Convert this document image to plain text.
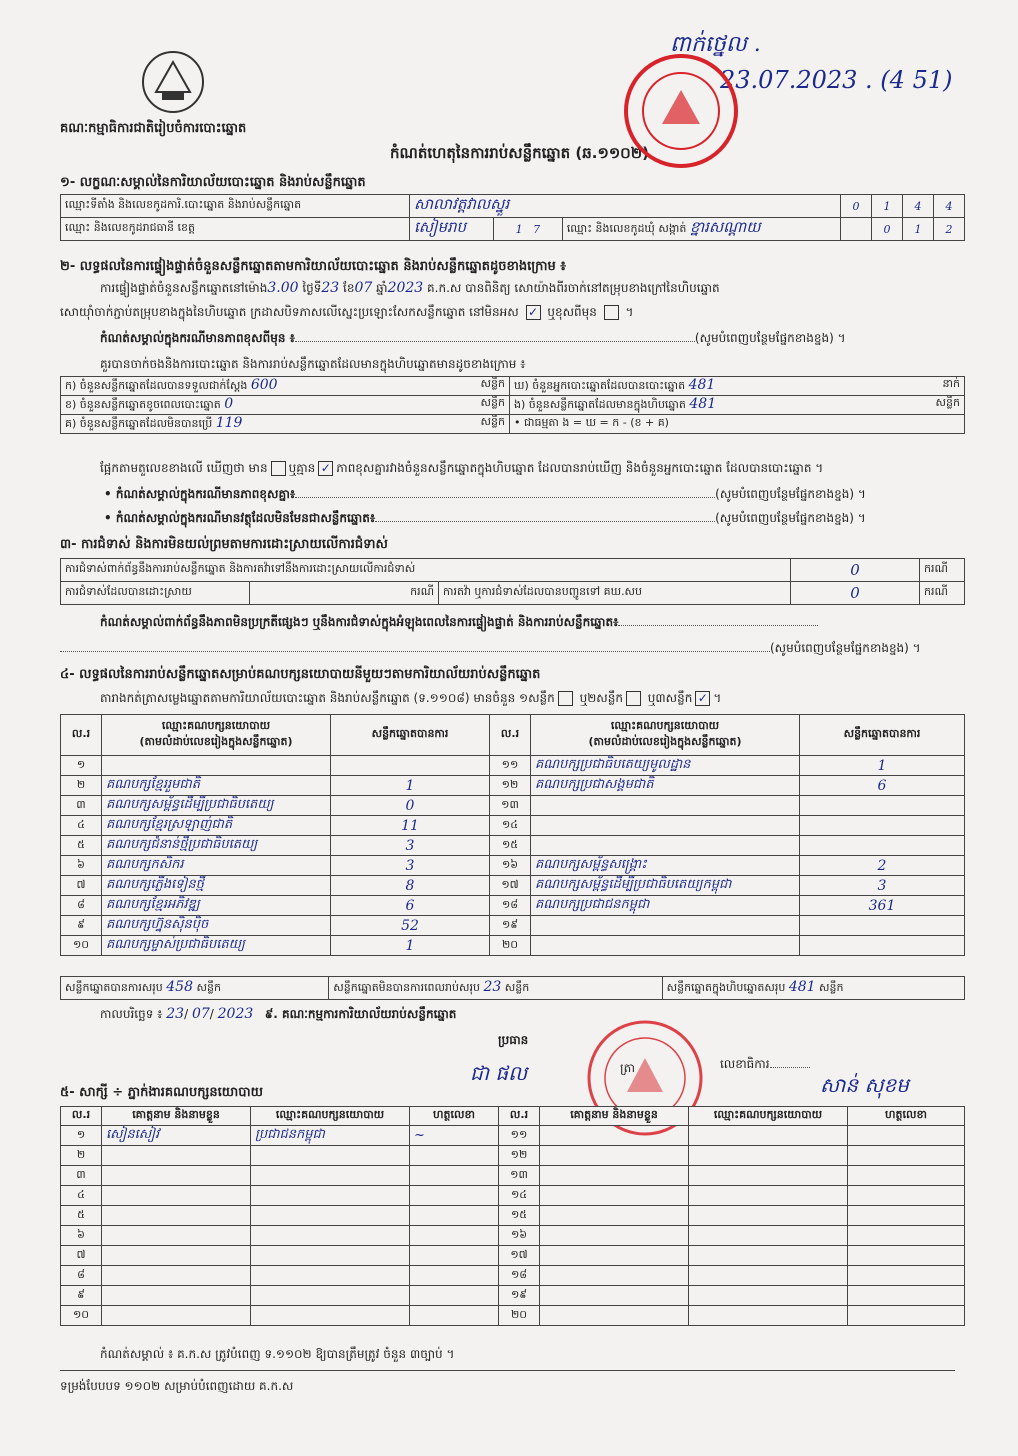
គណៈកម្មាធិការជាតិរៀបចំការបោះឆ្នោត
កំណត់ហេតុនៃការរាប់សន្លឹកឆ្នោត (ឆ.១១០២)
ពាក់ថ្នេល .
23.07.2023 . (4 51)
១- លក្ខណៈសម្គាល់នៃការិយាល័យបោះឆ្នោត និងរាប់សន្លឹកឆ្នោត
ឈ្មោះទីតាំង និងលេខកូដការិ.បោះឆ្នោត និងរាប់សន្លឹកឆ្នោត	សាលាវត្តវាលស្នួរ			0	1	4	4
ឈ្មោះ និងលេខកូដរាជធានី ខេត្ត	សៀមរាប	1 7	ឈ្មោះ និងលេខកូដឃុំ សង្កាត់ ខ្នារសណ្ដាយ		0	1	2
២- លទ្ធផលនៃការផ្ទៀងផ្ទាត់ចំនួនសន្លឹកឆ្នោតតាមការិយាល័យបោះឆ្នោត និងរាប់សន្លឹកឆ្នោតដូចខាងក្រោម ៖
ការផ្ទៀងផ្ទាត់ចំនួនសន្លឹកឆ្នោតនៅម៉ោង3.00 ថ្ងៃទី23 ខែ07 ឆ្នាំ2023 គ.ក.ស បានពិនិត្យ សោយ៉ាងពីរចាក់នៅតម្រុបខាងក្រៅនៃហិបឆ្នោត
សោយ៉ាំចាក់ភ្ជាប់តម្រុបខាងក្នុងនៃហិបឆ្នោត ក្រដាសបិទភាសលើស្នេះប្រឡោះសែកសន្លឹកឆ្នោត នៅមិនអស ✓ ឬខុសពីមុន  ។
កំណត់សម្គាល់ក្នុងករណីមានភាពខុសពីមុន ៖	(សូមបំពេញបន្ថែមផ្នែកខាងខ្នង) ។
គួរបានចាក់ចងនិងការបោះឆ្នោត និងការរាប់សន្លឹកឆ្នោតដែលមានក្នុងហិបឆ្នោតមានដូចខាងក្រោម ៖
ក) ចំនួនសន្លឹកឆ្នោតដែលបានទទួលជាក់ស្តែង 600 សន្លឹក	ឃ) ចំនួនអ្នកបោះឆ្នោតដែលបានបោះឆ្នោត 481 នាក់

ខ) ចំនួនសន្លឹកឆ្នោតខូចពេលបោះឆ្នោត 0 សន្លឹក	ង) ចំនួនសន្លឹកឆ្នោតដែលមានក្នុងហិបឆ្នោត 481 សន្លឹក

គ) ចំនួនសន្លឹកឆ្នោតដែលមិនបានប្រើ 119 សន្លឹក	• ជាធម្មតា ង = ឃ = ក - (ខ + គ)
ផ្អែកតាមតួលេខខាងលើ ឃើញថា មាន ឬគ្មាន ✓ ភាពខុសគ្នារវាងចំនួនសន្លឹកឆ្នោតក្នុងហិបឆ្នោត ដែលបានរាប់ឃើញ និងចំនួនអ្នកបោះឆ្នោត ដែលបានបោះឆ្នោត ។
• កំណត់សម្គាល់ក្នុងករណីមានភាពខុសគ្នា៖	(សូមបំពេញបន្ថែមផ្នែកខាងខ្នង) ។
• កំណត់សម្គាល់ក្នុងករណីមានវត្ថុដែលមិនមែនជាសន្លឹកឆ្នោត៖	(សូមបំពេញបន្ថែមផ្នែកខាងខ្នង) ។
៣- ការជំទាស់ និងការមិនយល់ព្រមតាមការដោះស្រាយលើការជំទាស់
ការជំទាស់ពាក់ព័ន្ធនឹងការរាប់សន្លឹកឆ្នោត និងការតវ៉ាទៅនឹងការដោះស្រាយលើការជំទាស់			0	ករណី
ការជំទាស់ដែលបានដោះស្រាយ	ករណី	ការតវ៉ា ឬការជំទាស់ដែលបានបញ្ជូនទៅ គឃ.សប	0	ករណី
កំណត់សម្គាល់ពាក់ព័ន្ធនឹងភាពមិនប្រក្រតីផ្សេងៗ ឬនឹងការជំទាស់ក្នុងអំឡុងពេលនៃការផ្ទៀងផ្ទាត់ និងការរាប់សន្លឹកឆ្នោត៖
(សូមបំពេញបន្ថែមផ្នែកខាងខ្នង) ។
៤- លទ្ធផលនៃការរាប់សន្លឹកឆ្នោតសម្រាប់គណបក្សនយោបាយនីមួយៗតាមការិយាល័យរាប់សន្លឹកឆ្នោត
តារាងកត់ត្រាសម្លេងឆ្នោតតាមការិយាល័យបោះឆ្នោត និងរាប់សន្លឹកឆ្នោត (ទ.១១០៨) មានចំនួន ១សន្លឹក ឬ២សន្លឹក ឬ៣សន្លឹក ✓ ។
ល.រ	ឈ្មោះគណបក្សនយោបាយ
(តាមលំដាប់លេខរៀងក្នុងសន្លឹកឆ្នោត)	សន្លឹកឆ្នោតបានការ	ល.រ	ឈ្មោះគណបក្សនយោបាយ
(តាមលំដាប់លេខរៀងក្នុងសន្លឹកឆ្នោត)	សន្លឹកឆ្នោតបានការ
១			១១	គណបក្សប្រជាធិបតេយ្យមូលដ្ឋាន	1
២	គណបក្សខ្មែររួមជាតិ	1	១២	គណបក្សប្រជាសង្គមជាតិ	6
៣	គណបក្សសម្ព័ន្ធដើម្បីប្រជាធិបតេយ្យ	0	១៣		
៤	គណបក្សខ្មែរស្រឡាញ់ជាតិ	11	១៤		
៥	គណបក្សជំនាន់ថ្មីប្រជាធិបតេយ្យ	3	១៥		
៦	គណបក្សកសិករ	3	១៦	គណបក្សសម្ព័ន្ធសង្គ្រោះ	2
៧	គណបក្សភ្លើងទៀនថ្មី	8	១៧	គណបក្សសម្ព័ន្ធដើម្បីប្រជាធិបតេយ្យកម្ពុជា	3
៨	គណបក្សខ្មែរអភិវឌ្ឍ	6	១៨	គណបក្សប្រជាជនកម្ពុជា	361
៩	គណបក្សហ្វ៊ុនស៊ិនប៉ិច	52	១៩		
១០	គណបក្សម្ចាស់ប្រជាធិបតេយ្យ	1	២០		
សន្លឹកឆ្នោតបានការសរុប 458 សន្លឹក	សន្លឹកឆ្នោតមិនបានការពេលរាប់សរុប 23 សន្លឹក	សន្លឹកឆ្នោតក្នុងហិបឆ្នោតសរុប 481 សន្លឹក
កាលបរិច្ឆេទ ៖ 23/ 07/ 2023 ៩. គណៈកម្មការការិយាល័យរាប់សន្លឹកឆ្នោត
ប្រធាន
ជា ផល	ត្រា	លេខាធិការ
សាន់ សុខម
៥- សាក្សី ÷ ភ្នាក់ងារគណបក្សនយោបាយ
ល.រ	គោត្តនាម និងនាមខ្លួន	ឈ្មោះគណបក្សនយោបាយ	ហត្ថលេខា	ល.រ	គោត្តនាម និងនាមខ្លួន	ឈ្មោះគណបក្សនយោបាយ	ហត្ថលេខា
១	សៀនសៀវ	ប្រជាជនកម្ពុជា	~	១១			
២				១២			
៣				១៣			
៤				១៤			
៥				១៥			
៦				១៦			
៧				១៧			
៨				១៨			
៩				១៩			
១០				២០			
កំណត់សម្គាល់ ៖ គ.ក.ស ត្រូវបំពេញ ទ.១១០២ ឱ្យបានត្រឹមត្រូវ ចំនួន ៣ច្បាប់ ។
ទម្រង់បែបបទ ១១០២ សម្រាប់បំពេញដោយ គ.ក.ស
